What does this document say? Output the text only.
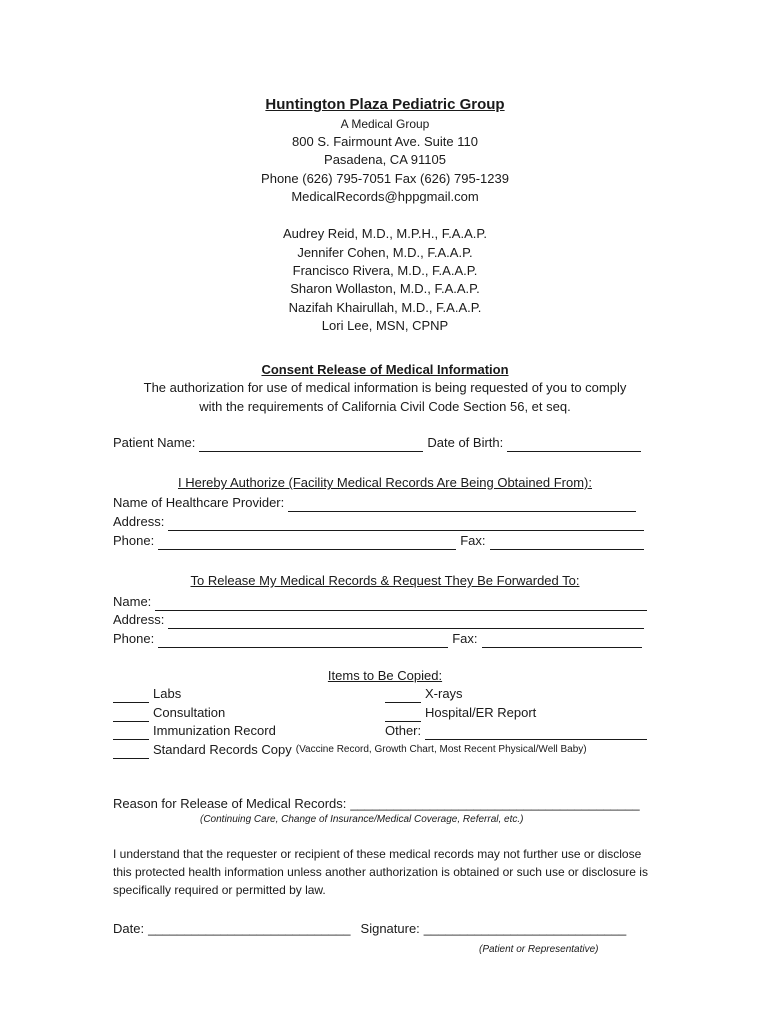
Huntington Plaza Pediatric Group
A Medical Group
800 S. Fairmount Ave. Suite 110
Pasadena, CA 91105
Phone (626) 795-7051 Fax (626) 795-1239
MedicalRecords@hppgmail.com
Audrey Reid, M.D., M.P.H., F.A.A.P.
Jennifer Cohen, M.D., F.A.A.P.
Francisco Rivera, M.D., F.A.A.P.
Sharon Wollaston, M.D., F.A.A.P.
Nazifah Khairullah, M.D., F.A.A.P.
Lori Lee, MSN, CPNP
Consent Release of Medical Information
The authorization for use of medical information is being requested of you to comply
with the requirements of California Civil Code Section 56, et seq.
Patient Name:	Date of Birth:
I Hereby Authorize (Facility Medical Records Are Being Obtained From):
Name of Healthcare Provider:
Address:
Phone:	Fax:
To Release My Medical Records & Request They Be Forwarded To:
Name:
Address:
Phone:	Fax:
Items to Be Copied:
Labs	X-rays
Consultation	Hospital/ER Report
Immunization Record	Other:
Standard Records Copy (Vaccine Record, Growth Chart, Most Recent Physical/Well Baby)
Reason for Release of Medical Records: ________________________________________
(Continuing Care, Change of Insurance/Medical Coverage, Referral, etc.)
I understand that the requester or recipient of these medical records may not further use or disclose this protected health information unless another authorization is obtained or such use or disclosure is specifically required or permitted by law.
Date: ____________________________ Signature: ____________________________
(Patient or Representative)
